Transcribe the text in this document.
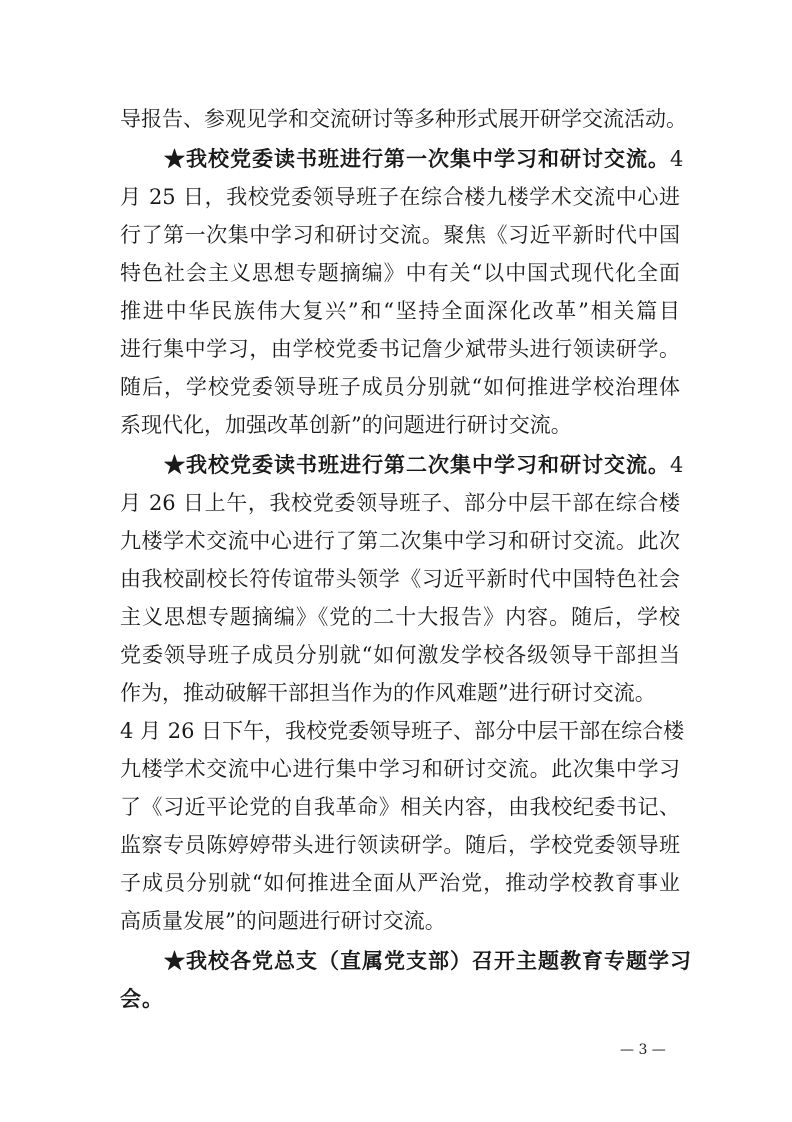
导报告、参观见学和交流研讨等多种形式展开研学交流活动。
★我校党委读书班进行第一次集中学习和研讨交流。4
月 25 日，我校党委领导班子在综合楼九楼学术交流中心进
行了第一次集中学习和研讨交流。聚焦《习近平新时代中国
特色社会主义思想专题摘编》中有关“以中国式现代化全面
推进中华民族伟大复兴”和“坚持全面深化改革”相关篇目
进行集中学习，由学校党委书记詹少斌带头进行领读研学。
随后，学校党委领导班子成员分别就“如何推进学校治理体
系现代化，加强改革创新”的问题进行研讨交流。
★我校党委读书班进行第二次集中学习和研讨交流。4
月 26 日上午，我校党委领导班子、部分中层干部在综合楼
九楼学术交流中心进行了第二次集中学习和研讨交流。此次
由我校副校长符传谊带头领学《习近平新时代中国特色社会
主义思想专题摘编》《党的二十大报告》内容。随后，学校
党委领导班子成员分别就“如何激发学校各级领导干部担当
作为，推动破解干部担当作为的作风难题”进行研讨交流。
4 月 26 日下午，我校党委领导班子、部分中层干部在综合楼
九楼学术交流中心进行集中学习和研讨交流。此次集中学习
了《习近平论党的自我革命》相关内容，由我校纪委书记、
监察专员陈婷婷带头进行领读研学。随后，学校党委领导班
子成员分别就“如何推进全面从严治党，推动学校教育事业
高质量发展”的问题进行研讨交流。
★我校各党总支（直属党支部）召开主题教育专题学习
会。
— 3 —
